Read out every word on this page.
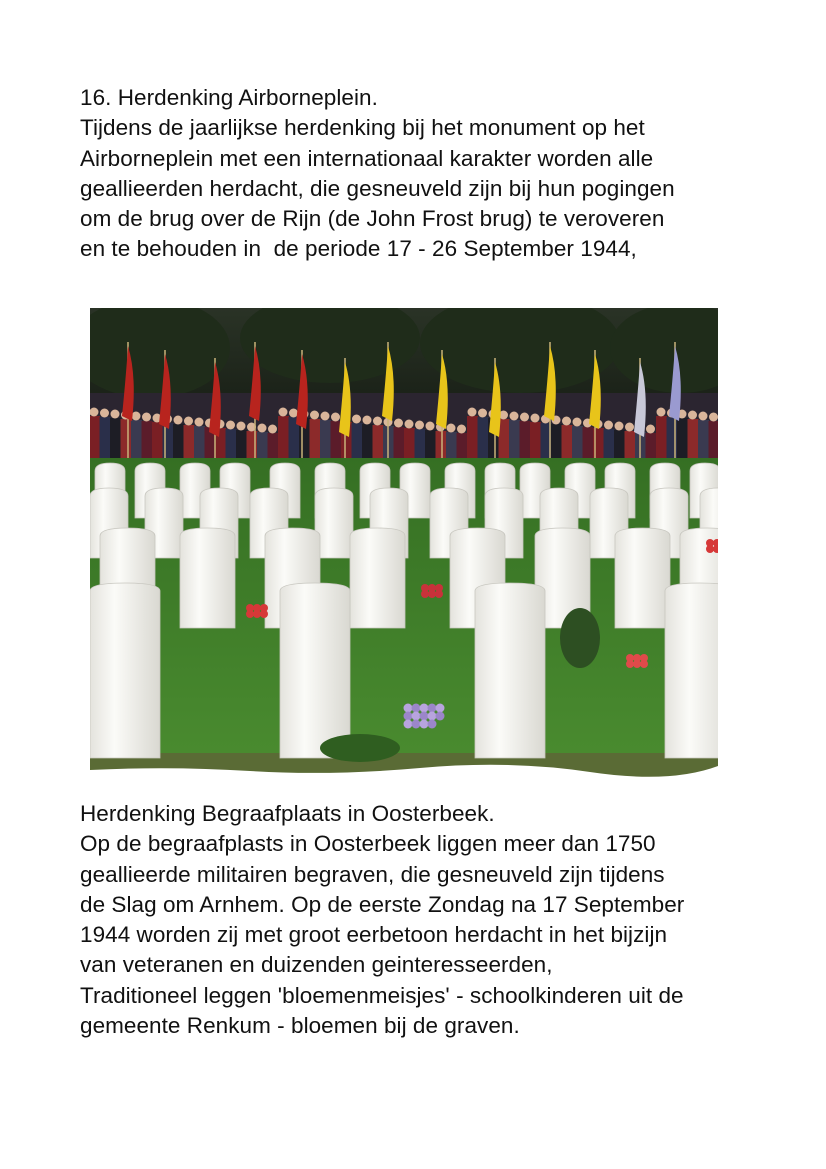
16. Herdenking Airborneplein.
Tijdens de jaarlijkse herdenking bij het monument op het
Airborneplein met een internationaal karakter worden alle
geallieerden herdacht, die gesneuveld zijn bij hun pogingen
om de brug over de Rijn (de John Frost brug) te veroveren
en te behouden in  de periode 17 - 26 September 1944,
Herdenking Begraafplaats in Oosterbeek.
Op de begraafplasts in Oosterbeek liggen meer dan 1750
geallieerde militairen begraven, die gesneuveld zijn tijdens
de Slag om Arnhem. Op de eerste Zondag na 17 September
1944 worden zij met groot eerbetoon herdacht in het bijzijn
van veteranen en duizenden geinteresseerden,
Traditioneel leggen 'bloemenmeisjes' - schoolkinderen uit de
gemeente Renkum - bloemen bij de graven.
